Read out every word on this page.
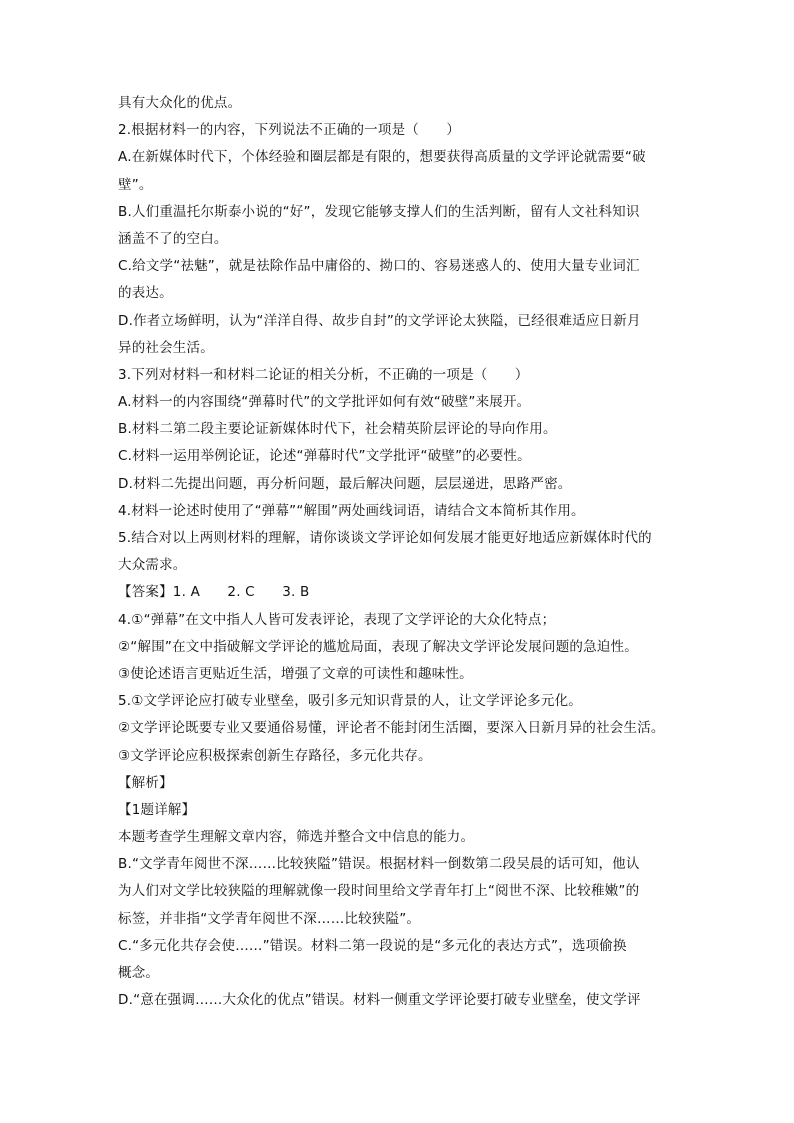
具有大众化的优点。
2.根据材料一的内容，下列说法不正确的一项是（　　）
A.在新媒体时代下，个体经验和圈层都是有限的，想要获得高质量的文学评论就需要“破
壁”。
B.人们重温托尔斯泰小说的“好”，发现它能够支撑人们的生活判断，留有人文社科知识
涵盖不了的空白。
C.给文学“祛魅”，就是祛除作品中庸俗的、拗口的、容易迷惑人的、使用大量专业词汇
的表达。
D.作者立场鲜明，认为“洋洋自得、故步自封”的文学评论太狭隘，已经很难适应日新月
异的社会生活。
3.下列对材料一和材料二论证的相关分析，不正确的一项是（　　）
A.材料一的内容围绕“弹幕时代”的文学批评如何有效“破壁”来展开。
B.材料二第二段主要论证新媒体时代下，社会精英阶层评论的导向作用。
C.材料一运用举例论证，论述“弹幕时代”文学批评“破壁”的必要性。
D.材料二先提出问题，再分析问题，最后解决问题，层层递进，思路严密。
4.材料一论述时使用了“弹幕”“解围”两处画线词语，请结合文本简析其作用。
5.结合对以上两则材料的理解，请你谈谈文学评论如何发展才能更好地适应新媒体时代的
大众需求。
【答案】1. A　　2. C　　3. B
4.①“弹幕”在文中指人人皆可发表评论，表现了文学评论的大众化特点；
②“解围”在文中指破解文学评论的尴尬局面，表现了解决文学评论发展问题的急迫性。
③使论述语言更贴近生活，增强了文章的可读性和趣味性。
5.①文学评论应打破专业壁垒，吸引多元知识背景的人，让文学评论多元化。
②文学评论既要专业又要通俗易懂，评论者不能封闭生活圈，要深入日新月异的社会生活。
③文学评论应积极探索创新生存路径，多元化共存。
【解析】
【1题详解】
本题考查学生理解文章内容，筛选并整合文中信息的能力。
B.“文学青年阅世不深……比较狭隘”错误。根据材料一倒数第二段吴晨的话可知，他认
为人们对文学比较狭隘的理解就像一段时间里给文学青年打上“阅世不深、比较稚嫩”的
标签，并非指“文学青年阅世不深……比较狭隘”。
C.“多元化共存会使……”错误。材料二第一段说的是“多元化的表达方式”，选项偷换
概念。
D.“意在强调……大众化的优点”错误。材料一侧重文学评论要打破专业壁垒，使文学评
